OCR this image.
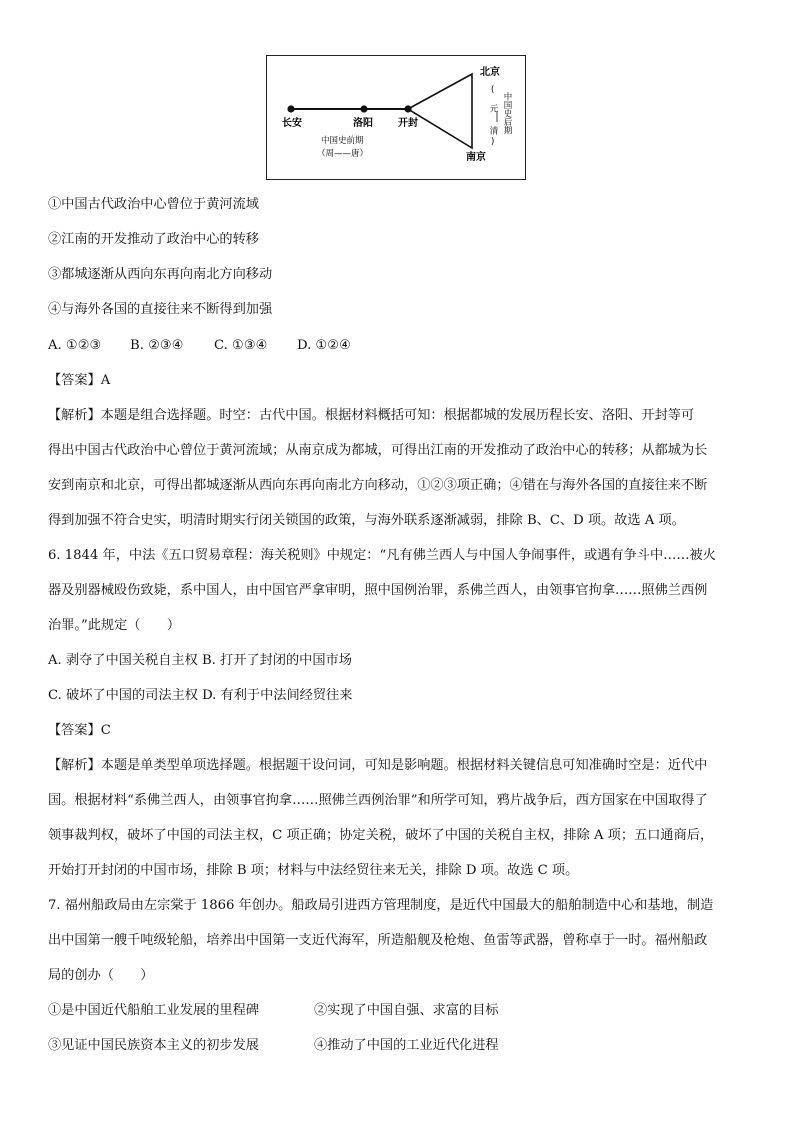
长安	洛阳	开封
北京
南京
中国史前期
（周——唐）
中国史后期
(
元
清
)
①中国古代政治中心曾位于黄河流域
②江南的开发推动了政治中心的转移
③都城逐渐从西向东再向南北方向移动
④与海外各国的直接往来不断得到加强
A. ①②③ B. ②③④ C. ①③④ D. ①②④
【答案】A
【解析】本题是组合选择题。时空：古代中国。根据材料概括可知：根据都城的发展历程长安、洛阳、开封等可
得出中国古代政治中心曾位于黄河流域；从南京成为都城，可得出江南的开发推动了政治中心的转移；从都城为长
安到南京和北京，可得出都城逐渐从西向东再向南北方向移动，①②③项正确；④错在与海外各国的直接往来不断
得到加强不符合史实，明清时期实行闭关锁国的政策，与海外联系逐渐减弱，排除 B、C、D 项。故选 A 项。
6. 1844 年，中法《五口贸易章程：海关税则》中规定：“凡有佛兰西人与中国人争闹事件，或遇有争斗中……被火
器及别器械殴伤致毙，系中国人，由中国官严拿审明，照中国例治罪，系佛兰西人，由领事官拘拿……照佛兰西例
治罪。”此规定（　　）
A. 剥夺了中国关税自主权 B. 打开了封闭的中国市场
C. 破坏了中国的司法主权 D. 有利于中法间经贸往来
【答案】C
【解析】本题是单类型单项选择题。根据题干设问词，可知是影响题。根据材料关键信息可知准确时空是：近代中
国。根据材料“系佛兰西人，由领事官拘拿……照佛兰西例治罪”和所学可知，鸦片战争后，西方国家在中国取得了
领事裁判权，破坏了中国的司法主权，C 项正确；协定关税，破坏了中国的关税自主权，排除 A 项；五口通商后，
开始打开封闭的中国市场，排除 B 项；材料与中法经贸往来无关，排除 D 项。故选 C 项。
7. 福州船政局由左宗棠于 1866 年创办。船政局引进西方管理制度，是近代中国最大的船舶制造中心和基地，制造
出中国第一艘千吨级轮船，培养出中国第一支近代海军，所造船舰及枪炮、鱼雷等武器，曾称卓于一时。福州船政
局的创办（　　）
①是中国近代船舶工业发展的里程碑	②实现了中国自强、求富的目标
③见证中国民族资本主义的初步发展	④推动了中国的工业近代化进程
